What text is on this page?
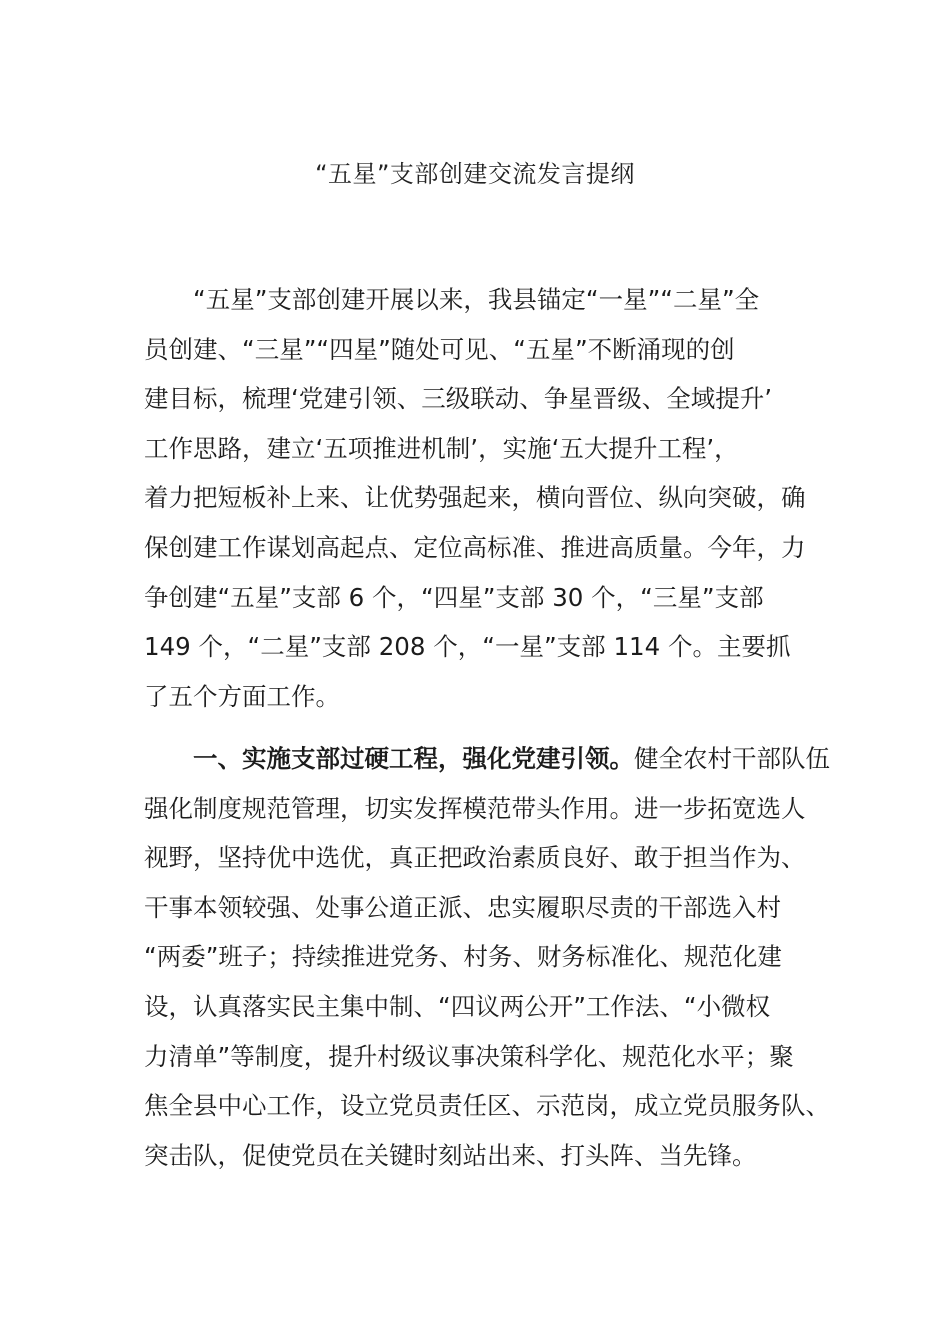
“五星”支部创建交流发言提纲
“五星”支部创建开展以来，我县锚定“一星”“二星”全
员创建、“三星”“四星”随处可见、“五星”不断涌现的创
建目标，梳理‘党建引领、三级联动、争星晋级、全域提升’
工作思路，建立‘五项推进机制’，实施‘五大提升工程’，
着力把短板补上来、让优势强起来，横向晋位、纵向突破，确
保创建工作谋划高起点、定位高标准、推进高质量。今年，力
争创建“五星”支部 6 个，“四星”支部 30 个，“三星”支部
149 个，“二星”支部 208 个，“一星”支部 114 个。主要抓
了五个方面工作。
一、实施支部过硬工程，强化党建引领。健全农村干部队伍
强化制度规范管理，切实发挥模范带头作用。进一步拓宽选人
视野，坚持优中选优，真正把政治素质良好、敢于担当作为、
干事本领较强、处事公道正派、忠实履职尽责的干部选入村
“两委”班子；持续推进党务、村务、财务标准化、规范化建
设，认真落实民主集中制、“四议两公开”工作法、“小微权
力清单”等制度，提升村级议事决策科学化、规范化水平；聚
焦全县中心工作，设立党员责任区、示范岗，成立党员服务队、
突击队，促使党员在关键时刻站出来、打头阵、当先锋。
